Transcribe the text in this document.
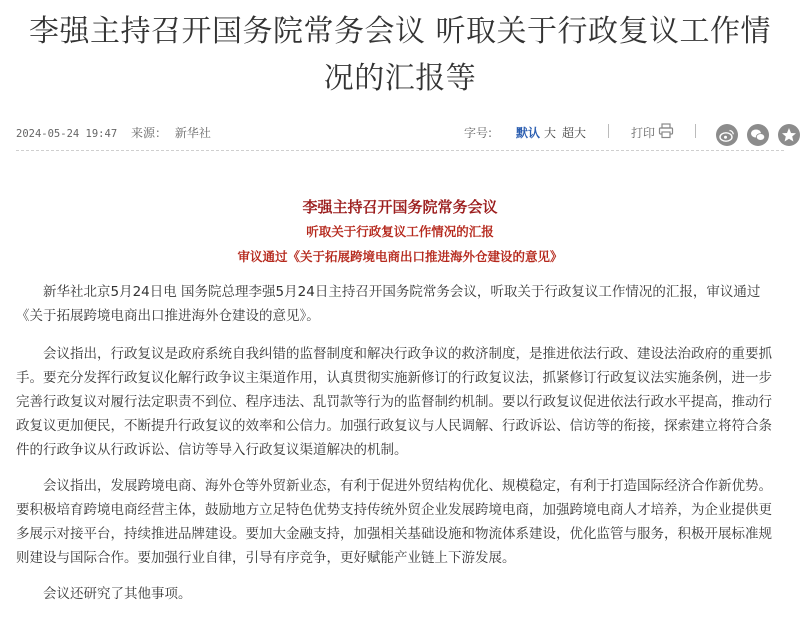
李强主持召开国务院常务会议 听取关于行政复议工作情况的汇报等
2024-05-24 19:47 来源： 新华社	字号: 默认 大 超大	打印
李强主持召开国务院常务会议
听取关于行政复议工作情况的汇报
审议通过《关于拓展跨境电商出口推进海外仓建设的意见》

新华社北京5月24日电 国务院总理李强5月24日主持召开国务院常务会议，听取关于行政复议工作情况的汇报，审议通过《关于拓展跨境电商出口推进海外仓建设的意见》。

会议指出，行政复议是政府系统自我纠错的监督制度和解决行政争议的救济制度，是推进依法行政、建设法治政府的重要抓手。要充分发挥行政复议化解行政争议主渠道作用，认真贯彻实施新修订的行政复议法，抓紧修订行政复议法实施条例，进一步完善行政复议对履行法定职责不到位、程序违法、乱罚款等行为的监督制约机制。要以行政复议促进依法行政水平提高，推动行政复议更加便民，不断提升行政复议的效率和公信力。加强行政复议与人民调解、行政诉讼、信访等的衔接，探索建立将符合条件的行政争议从行政诉讼、信访等导入行政复议渠道解决的机制。

会议指出，发展跨境电商、海外仓等外贸新业态，有利于促进外贸结构优化、规模稳定，有利于打造国际经济合作新优势。要积极培育跨境电商经营主体，鼓励地方立足特色优势支持传统外贸企业发展跨境电商，加强跨境电商人才培养，为企业提供更多展示对接平台，持续推进品牌建设。要加大金融支持，加强相关基础设施和物流体系建设，优化监管与服务，积极开展标准规则建设与国际合作。要加强行业自律，引导有序竞争，更好赋能产业链上下游发展。

会议还研究了其他事项。
